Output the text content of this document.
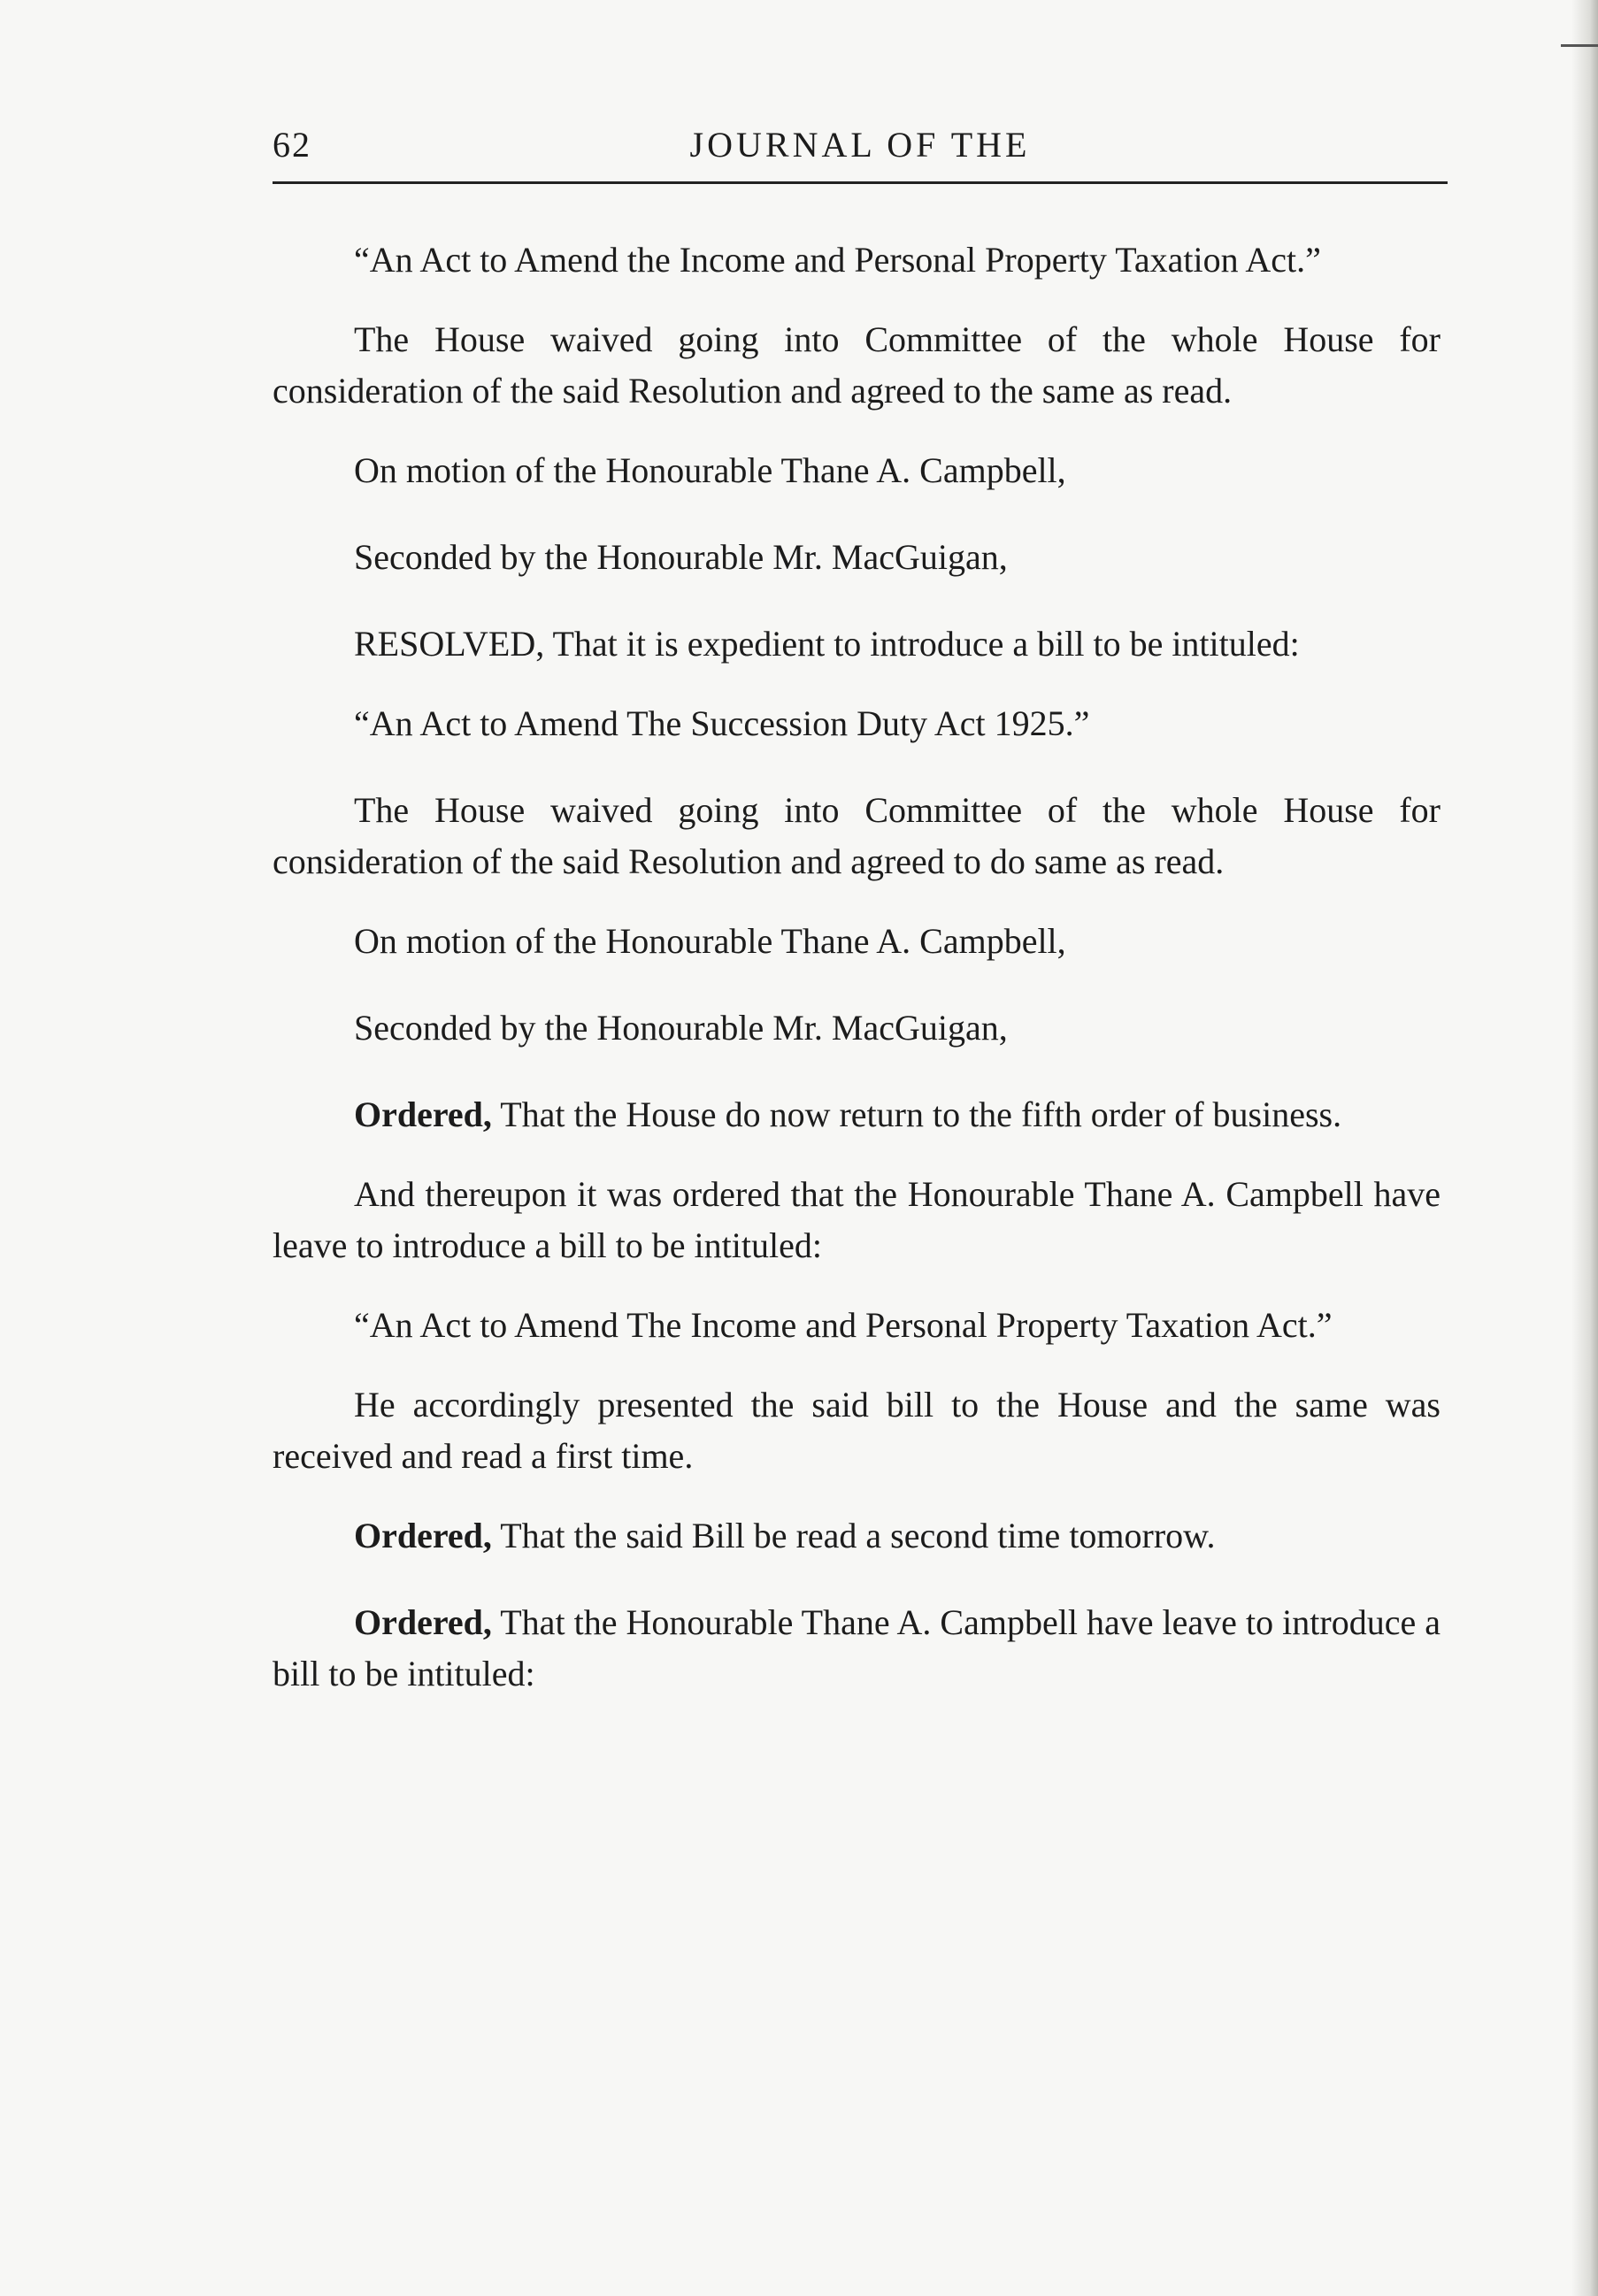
62	JOURNAL OF THE

“An Act to Amend the Income and Personal Property Taxation Act.”

The House waived going into Committee of the whole House for consideration of the said Resolution and agreed to the same as read.

On motion of the Honourable Thane A. Campbell,

Seconded by the Honourable Mr. MacGuigan,

RESOLVED, That it is expedient to introduce a bill to be intituled:

“An Act to Amend The Succession Duty Act 1925.”

The House waived going into Committee of the whole House for consideration of the said Resolution and agreed to do same as read.

On motion of the Honourable Thane A. Campbell,

Seconded by the Honourable Mr. MacGuigan,

Ordered, That the House do now return to the fifth order of business.

And thereupon it was ordered that the Honourable Thane A. Campbell have leave to introduce a bill to be intituled:

“An Act to Amend The Income and Personal Property Taxation Act.”

He accordingly presented the said bill to the House and the same was received and read a first time.

Ordered, That the said Bill be read a second time tomorrow.

Ordered, That the Honourable Thane A. Campbell have leave to introduce a bill to be intituled:
